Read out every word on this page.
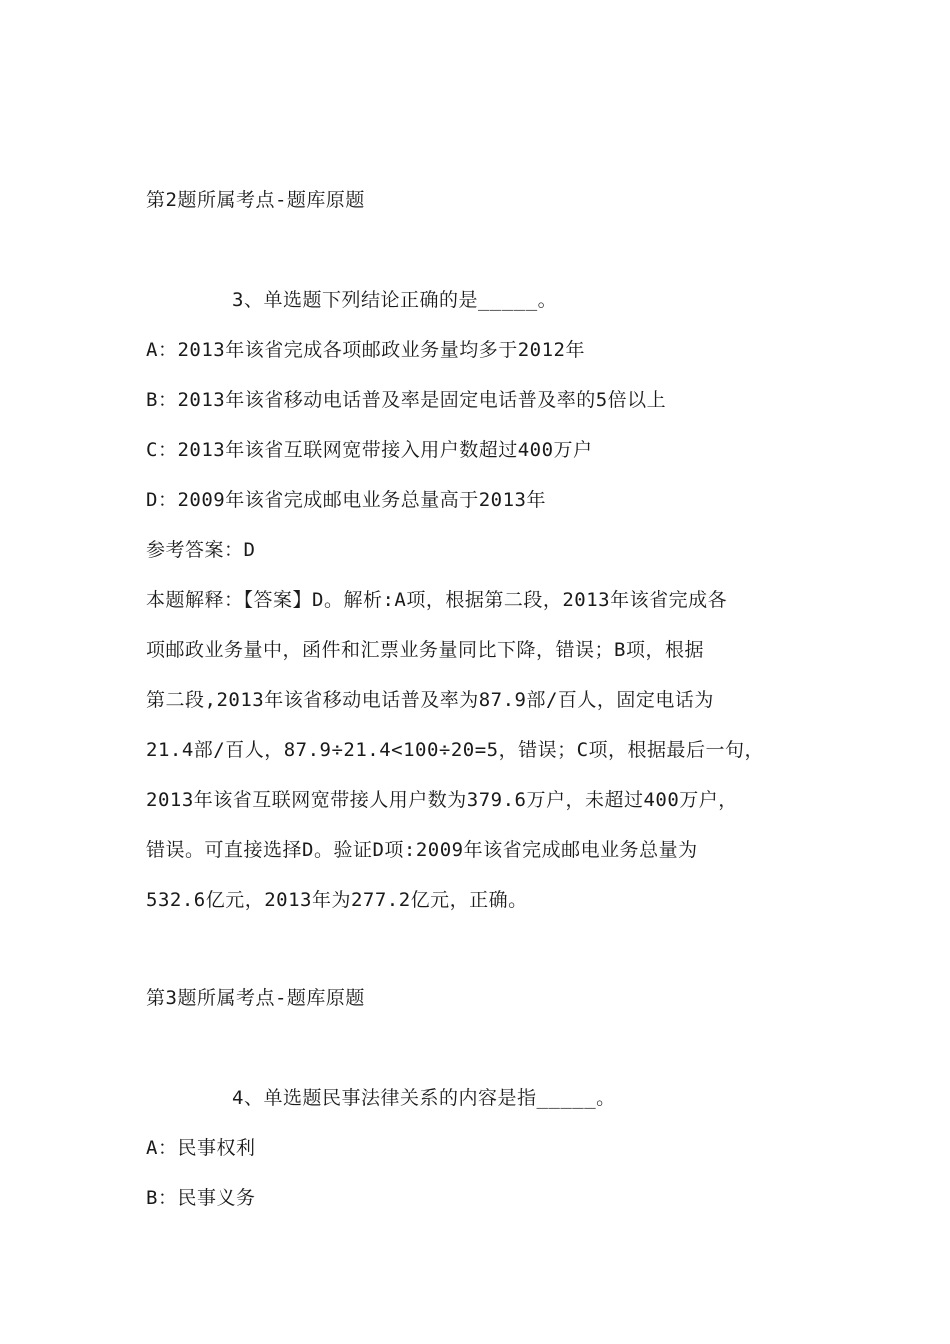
第2题所属考点-题库原题
3、单选题下列结论正确的是_____。
A：2013年该省完成各项邮政业务量均多于2012年
B：2013年该省移动电话普及率是固定电话普及率的5倍以上
C：2013年该省互联网宽带接入用户数超过400万户
D：2009年该省完成邮电业务总量高于2013年
参考答案：D
本题解释：【答案】D。解析:A项，根据第二段，2013年该省完成各
项邮政业务量中，函件和汇票业务量同比下降，错误；B项，根据
第二段,2013年该省移动电话普及率为87.9部/百人，固定电话为
21.4部/百人，87.9÷21.4<100÷20=5，错误；C项，根据最后一句，
2013年该省互联网宽带接人用户数为379.6万户，未超过400万户，
错误。可直接选择D。验证D项:2009年该省完成邮电业务总量为
532.6亿元，2013年为277.2亿元，正确。
第3题所属考点-题库原题
4、单选题民事法律关系的内容是指_____。
A：民事权利
B：民事义务
